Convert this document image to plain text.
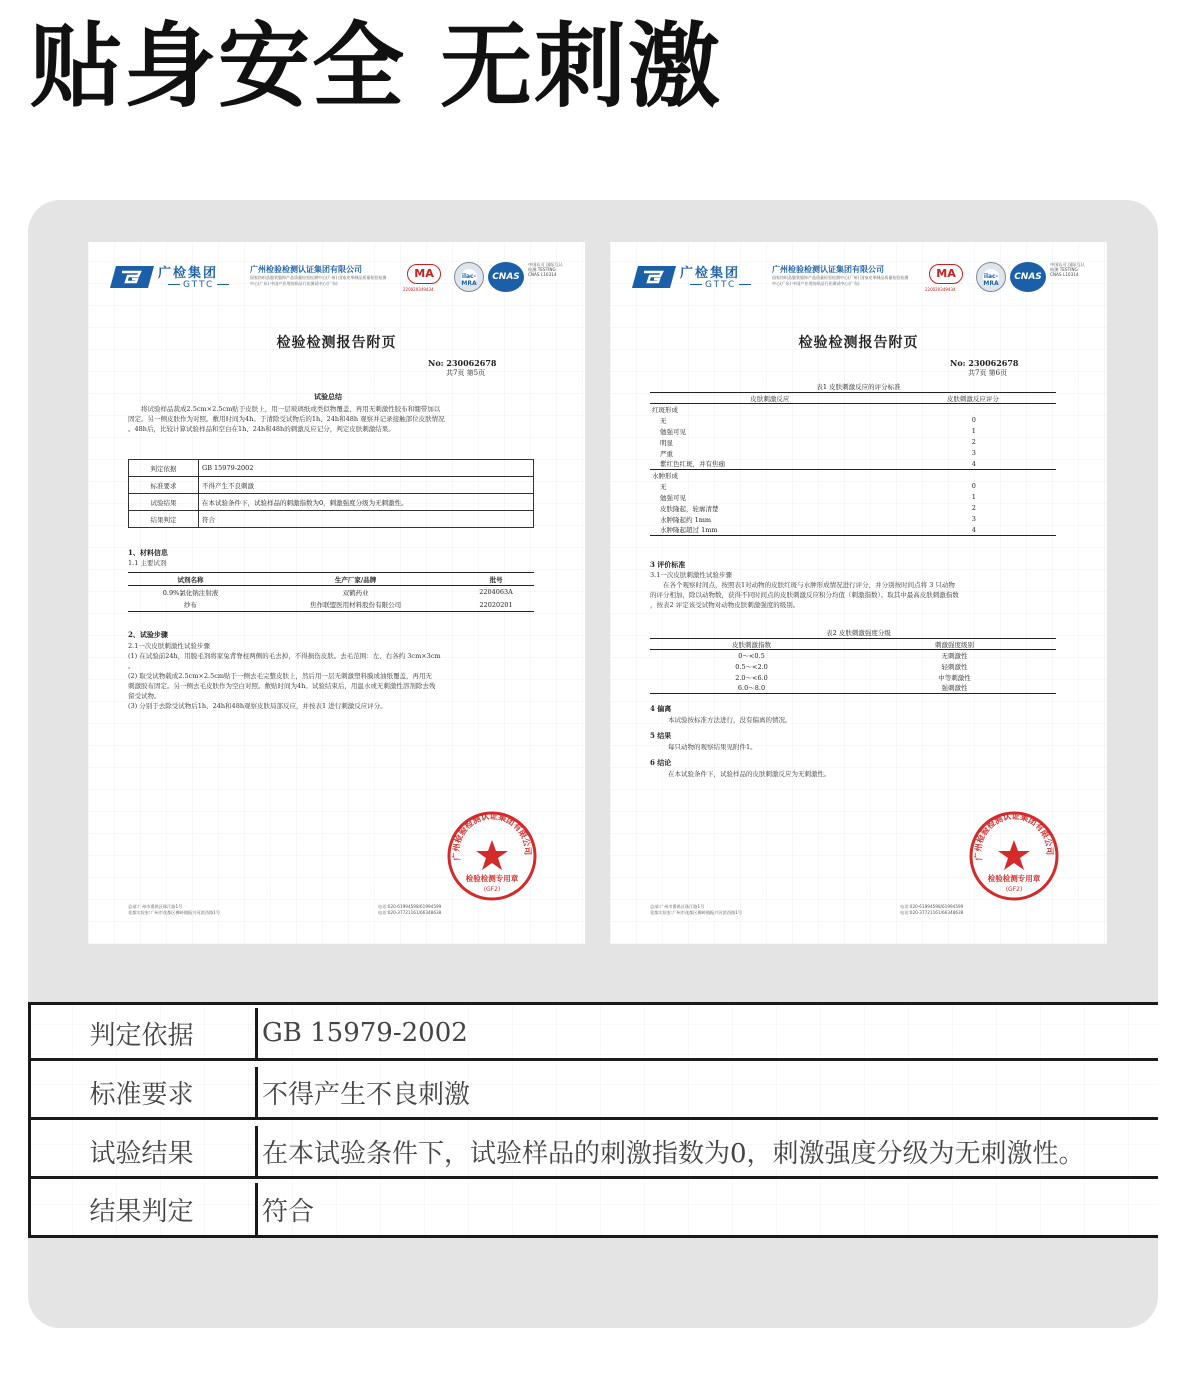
贴身安全 无刺激
广检集团
GTTC
广州检验检测认证集团有限公司
国家纺织品服装服饰产品质量检验检测中心(广州) 国家皮革制品质量检验检测中心(广东) 中国产业用纺织品行业测试中心(广东)
MA
220020349434
ilac-MRA
CNAS
中国认可 国际互认 检测 TESTING CNAS L10314
检验检测报告附页
No: 230062678
共7页 第5页
试验总结
将试验样品裁成2.5cm×2.5cm贴于皮肤上，用一层玻璃纸或类似物覆盖，再用无刺激性胶布和绷带加以
固定。另一侧皮肤作为对照。敷用时间为4h。于清除受试物后的1h、24h和48h 观察并记录接触部位皮肤情况
。48h后，比较计算试验样品和空白在1h、24h和48h的刺激反应记分，判定皮肤刺激结果。
判定依据	GB 15979-2002
标准要求	不得产生不良刺激
试验结果	在本试验条件下，试验样品的刺激指数为0，刺激强度分级为无刺激性。
结果判定	符合
1、材料信息
1.1 主要试剂
试剂名称	生产厂家/品牌	批号
0.9%氯化钠注射液	双鹤药业	2204063A
纱布	焦作联盟医用材料股份有限公司	22020201
2、试验步骤
2.1一次皮肤刺激性试验步骤
(1) 在试验前24h，用脱毛剂将家兔背脊柱两侧的毛去掉，不得损伤皮肤。去毛范围：左、右各约 3cm×3cm
。
(2) 取受试物载成2.5cm×2.5cm贴于一侧去毛完整皮肤上，然后用一层无刺激塑料膜或油纸覆盖，再用无
刺激胶布固定。另一侧去毛皮肤作为空白对照。敷贴时间为4h。试验结束后，用温水或无刺激性溶剂除去残
留受试物。
(3) 分别于去除受试物后1h、24h和48h观察皮肤局部反应，并按表1 进行刺激反应评分。
广州检验检测认证集团有限公司
检验检测专用章
(GF2)
总部:广州市番禺区珠江路1号
花都实验室:广州市花都区狮岭镇振兴河滨西路1号
电话:020-61994598/61994599
电话:020-37721161/66348638
广检集团
GTTC
广州检验检测认证集团有限公司
国家纺织品服装服饰产品质量检验检测中心(广州) 国家皮革制品质量检验检测中心(广东) 中国产业用纺织品行业测试中心(广东)
MA
220020349434
ilac-MRA
CNAS
中国认可 国际互认 检测 TESTING CNAS L10314
检验检测报告附页
No: 230062678
共7页 第6页
表1 皮肤刺激反应的评分标准
皮肤刺激反应	皮肤刺激反应评分
红斑形成	
无	0
勉强可见	1
明显	2
严重	3
紫红色红斑，并有焦痂	4
水肿形成	
无	0
勉强可见	1
皮肤隆起，轮廓清楚	2
水肿隆起约 1mm	3
水肿隆起超过 1mm	4
3 评价标准
3.1一次皮肤刺激性试验步骤
在各个观察时间点，按照表1对动物的皮肤红斑与水肿形成情况进行评分，并分别按时间点将 3 只动物
的评分相加，除以动物数，获得不同时间点的皮肤刺激反应积分均值（刺激指数）。取其中最高皮肤刺激指数
，按表2 评定该受试物对动物皮肤刺激强度的级别。
表2 皮肤刺激强度分级
皮肤刺激指数	刺激强度级别
0～<0.5	无刺激性
0.5～<2.0	轻刺激性
2.0～<6.0	中等刺激性
6.0～8.0	强刺激性
4 偏离
本试验按标准方法进行，没有偏离的情况。
5 结果
每只动物的观察结果见附件1。
6 结论
在本试验条件下，试验样品的皮肤刺激反应为无刺激性。
广州检验检测认证集团有限公司
检验检测专用章
(GF2)
总部:广州市番禺区珠江路1号
花都实验室:广州市花都区狮岭镇振兴河滨西路1号
电话:020-61994598/61994599
电话:020-37721161/66348638
判定依据	GB 15979-2002
标准要求	不得产生不良刺激
试验结果	在本试验条件下，试验样品的刺激指数为0，刺激强度分级为无刺激性。
结果判定	符合
